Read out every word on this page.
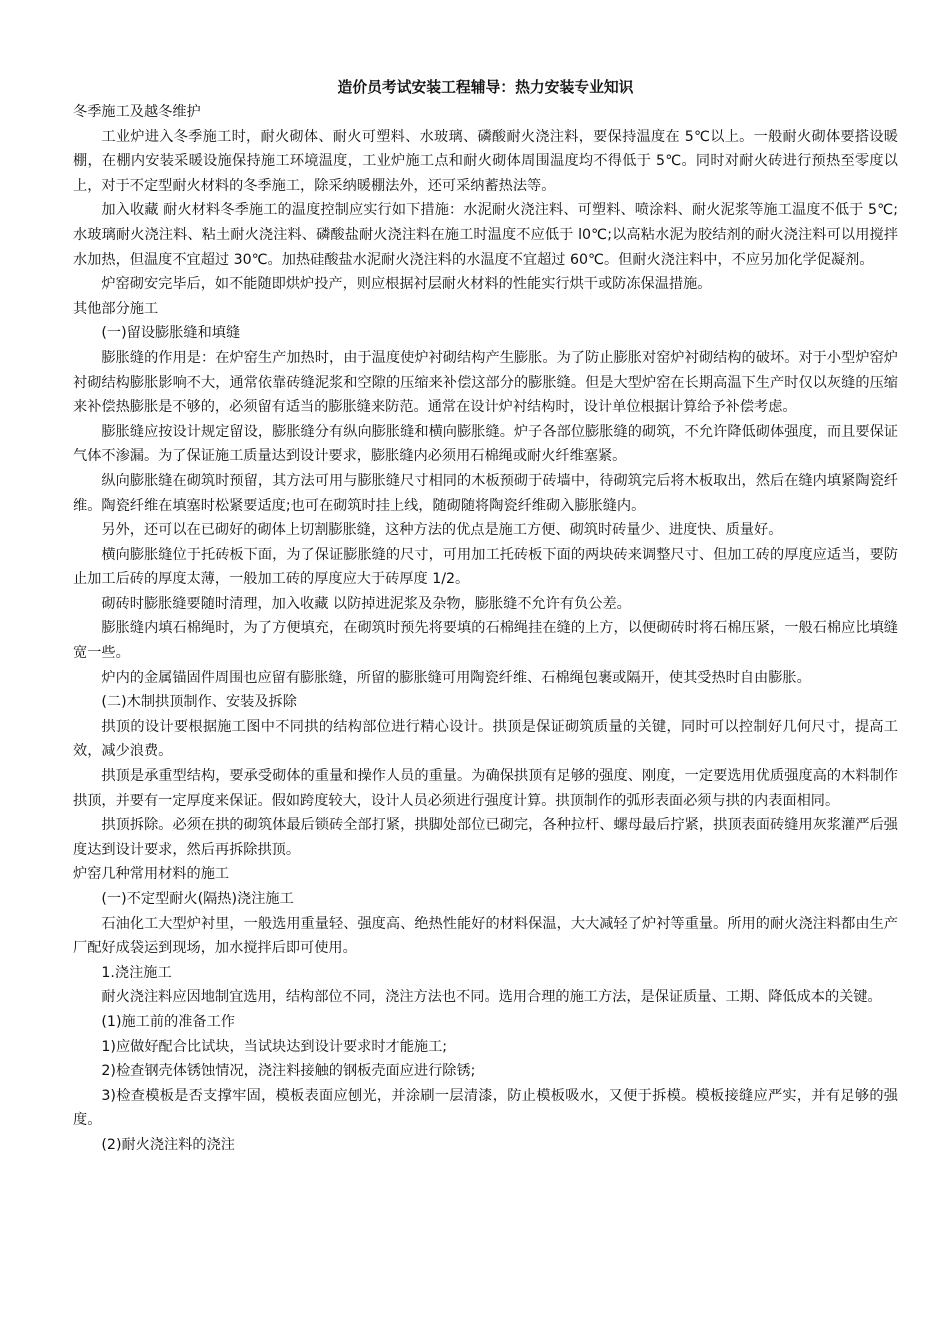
造价员考试安装工程辅导：热力安装专业知识

冬季施工及越冬维护

工业炉进入冬季施工时，耐火砌体、耐火可塑料、水玻璃、磷酸耐火浇注料，要保持温度在 5℃以上。一般耐火砌体要搭设暖棚，在棚内安装采暖设施保持施工环境温度，工业炉施工点和耐火砌体周围温度均不得低于 5℃。同时对耐火砖进行预热至零度以上，对于不定型耐火材料的冬季施工，除采纳暖棚法外，还可采纳蓄热法等。

加入收藏 耐火材料冬季施工的温度控制应实行如下措施：水泥耐火浇注料、可塑料、喷涂料、耐火泥浆等施工温度不低于 5℃;水玻璃耐火浇注料、粘土耐火浇注料、磷酸盐耐火浇注料在施工时温度不应低于 l0℃;以高粘水泥为胶结剂的耐火浇注料可以用搅拌水加热，但温度不宜超过 30℃。加热硅酸盐水泥耐火浇注料的水温度不宜超过 60℃。但耐火浇注料中，不应另加化学促凝剂。

炉窑砌安完毕后，如不能随即烘炉投产，则应根据衬层耐火材料的性能实行烘干或防冻保温措施。

其他部分施工

(一)留设膨胀缝和填缝

膨胀缝的作用是：在炉窑生产加热时，由于温度使炉衬砌结构产生膨胀。为了防止膨胀对窑炉衬砌结构的破坏。对于小型炉窑炉衬砌结构膨胀影响不大，通常依靠砖缝泥浆和空隙的压缩来补偿这部分的膨胀缝。但是大型炉窑在长期高温下生产时仅以灰缝的压缩来补偿热膨胀是不够的，必须留有适当的膨胀缝来防范。通常在设计炉衬结构时，设计单位根据计算给予补偿考虑。

膨胀缝应按设计规定留设，膨胀缝分有纵向膨胀缝和横向膨胀缝。炉子各部位膨胀缝的砌筑，不允许降低砌体强度，而且要保证气体不渗漏。为了保证施工质量达到设计要求，膨胀缝内必须用石棉绳或耐火纤维塞紧。

纵向膨胀缝在砌筑时预留，其方法可用与膨胀缝尺寸相同的木板预砌于砖墙中，待砌筑完后将木板取出，然后在缝内填紧陶瓷纤维。陶瓷纤维在填塞时松紧要适度;也可在砌筑时挂上线，随砌随将陶瓷纤维砌入膨胀缝内。

另外，还可以在已砌好的砌体上切割膨胀缝，这种方法的优点是施工方便、砌筑时砖量少、进度快、质量好。

横向膨胀缝位于托砖板下面，为了保证膨胀缝的尺寸，可用加工托砖板下面的两块砖来调整尺寸、但加工砖的厚度应适当，要防止加工后砖的厚度太薄，一般加工砖的厚度应大于砖厚度 1/2。

砌砖时膨胀缝要随时清理，加入收藏 以防掉进泥浆及杂物，膨胀缝不允许有负公差。

膨胀缝内填石棉绳时，为了方便填充，在砌筑时预先将要填的石棉绳挂在缝的上方，以便砌砖时将石棉压紧，一般石棉应比填缝宽一些。

炉内的金属锚固件周围也应留有膨胀缝，所留的膨胀缝可用陶瓷纤维、石棉绳包裹或隔开，使其受热时自由膨胀。

(二)木制拱顶制作、安装及拆除

拱顶的设计要根据施工图中不同拱的结构部位进行精心设计。拱顶是保证砌筑质量的关键，同时可以控制好几何尺寸，提高工效，减少浪费。

拱顶是承重型结构，要承受砌体的重量和操作人员的重量。为确保拱顶有足够的强度、刚度，一定要选用优质强度高的木料制作拱顶，并要有一定厚度来保证。假如跨度较大，设计人员必须进行强度计算。拱顶制作的弧形表面必须与拱的内表面相同。

拱顶拆除。必须在拱的砌筑体最后锁砖全部打紧，拱脚处部位已砌完，各种拉杆、螺母最后拧紧，拱顶表面砖缝用灰浆灌严后强度达到设计要求，然后再拆除拱顶。

炉窑几种常用材料的施工

(一)不定型耐火(隔热)浇注施工

石油化工大型炉衬里，一般选用重量轻、强度高、绝热性能好的材料保温，大大减轻了炉衬等重量。所用的耐火浇注料都由生产厂配好成袋运到现场，加水搅拌后即可使用。

1.浇注施工

耐火浇注料应因地制宜选用，结构部位不同，浇注方法也不同。选用合理的施工方法，是保证质量、工期、降低成本的关键。

(1)施工前的准备工作

1)应做好配合比试块，当试块达到设计要求时才能施工;

2)检查钢壳体锈蚀情况，浇注料接触的钢板壳面应进行除锈;

3)检查模板是否支撑牢固，模板表面应刨光，并涂刷一层清漆，防止模板吸水，又便于拆模。模板接缝应严实，并有足够的强度。

(2)耐火浇注料的浇注
